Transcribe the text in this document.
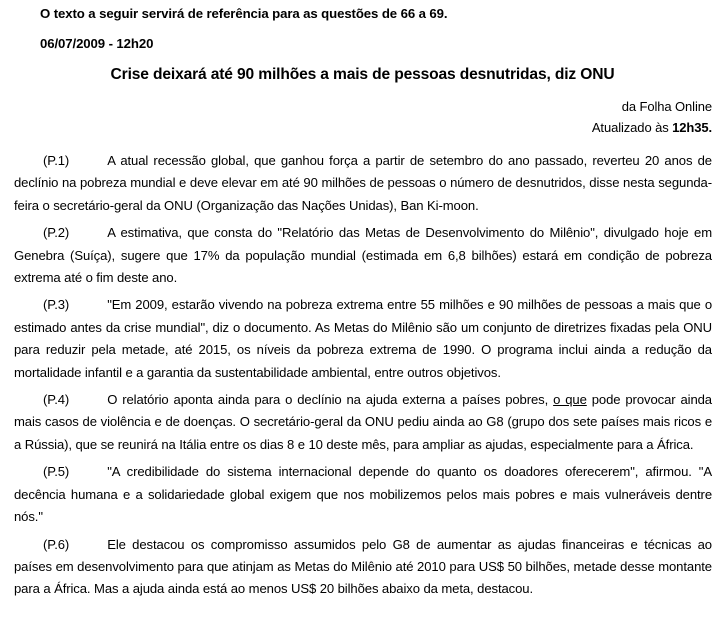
O texto a seguir servirá de referência para as questões de 66 a 69.

06/07/2009 - 12h20

Crise deixará até 90 milhões a mais de pessoas desnutridas, diz ONU
da Folha Online
Atualizado às 12h35.

(P.1)	A atual recessão global, que ganhou força a partir de setembro do ano passado, reverteu 20 anos de declínio na pobreza mundial e deve elevar em até 90 milhões de pessoas o número de desnutridos, disse nesta segunda-feira o secretário-geral da ONU (Organização das Nações Unidas), Ban Ki-moon.

(P.2)	A estimativa, que consta do "Relatório das Metas de Desenvolvimento do Milênio", divulgado hoje em Genebra (Suíça), sugere que 17% da população mundial (estimada em 6,8 bilhões) estará em condição de pobreza extrema até o fim deste ano.

(P.3)	"Em 2009, estarão vivendo na pobreza extrema entre 55 milhões e 90 milhões de pessoas a mais que o estimado antes da crise mundial", diz o documento. As Metas do Milênio são um conjunto de diretrizes fixadas pela ONU para reduzir pela metade, até 2015, os níveis da pobreza extrema de 1990. O programa inclui ainda a redução da mortalidade infantil e a garantia da sustentabilidade ambiental, entre outros objetivos.

(P.4)	O relatório aponta ainda para o declínio na ajuda externa a países pobres, o que pode provocar ainda mais casos de violência e de doenças. O secretário-geral da ONU pediu ainda ao G8 (grupo dos sete países mais ricos e a Rússia), que se reunirá na Itália entre os dias 8 e 10 deste mês, para ampliar as ajudas, especialmente para a África.

(P.5)	"A credibilidade do sistema internacional depende do quanto os doadores oferecerem", afirmou. "A decência humana e a solidariedade global exigem que nos mobilizemos pelos mais pobres e mais vulneráveis dentre nós."

(P.6)	Ele destacou os compromisso assumidos pelo G8 de aumentar as ajudas financeiras e técnicas ao países em desenvolvimento para que atinjam as Metas do Milênio até 2010 para US$ 50 bilhões, metade desse montante para a África. Mas a ajuda ainda está ao menos US$ 20 bilhões abaixo da meta, destacou.
